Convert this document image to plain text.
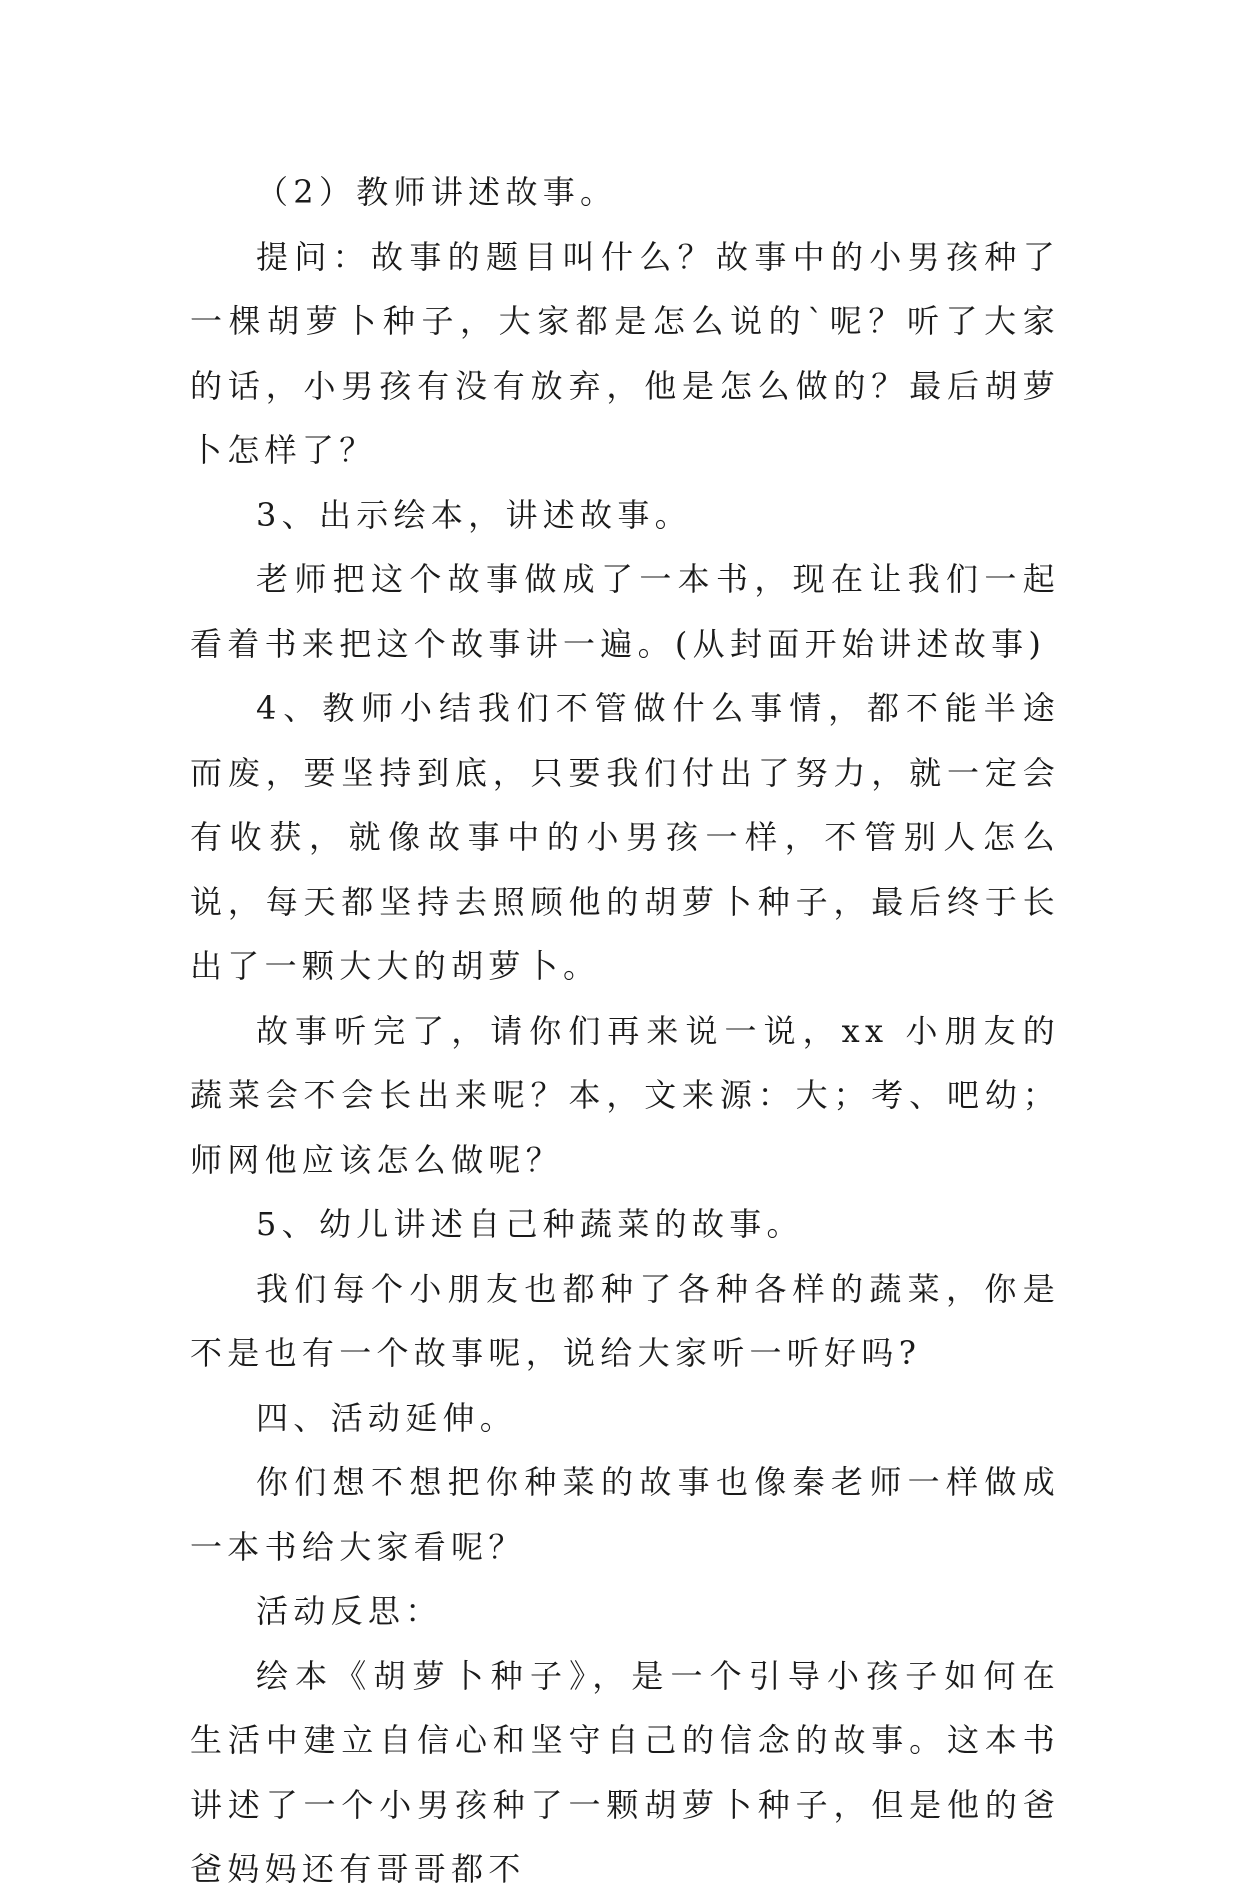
（2）教师讲述故事。

提问：故事的题目叫什么？故事中的小男孩种了一棵胡萝卜种子，大家都是怎么说的`呢？听了大家的话，小男孩有没有放弃，他是怎么做的？最后胡萝卜怎样了？

3、出示绘本，讲述故事。

老师把这个故事做成了一本书，现在让我们一起看着书来把这个故事讲一遍。(从封面开始讲述故事)

4、教师小结我们不管做什么事情，都不能半途而废，要坚持到底，只要我们付出了努力，就一定会有收获，就像故事中的小男孩一样，不管别人怎么说，每天都坚持去照顾他的胡萝卜种子，最后终于长出了一颗大大的胡萝卜。

故事听完了，请你们再来说一说，xx 小朋友的蔬菜会不会长出来呢？本，文来源：大；考、吧幼；师网他应该怎么做呢？

5、幼儿讲述自己种蔬菜的故事。

我们每个小朋友也都种了各种各样的蔬菜，你是不是也有一个故事呢，说给大家听一听好吗?

四、活动延伸。

你们想不想把你种菜的故事也像秦老师一样做成一本书给大家看呢？

活动反思：

绘本《胡萝卜种子》，是一个引导小孩子如何在生活中建立自信心和坚守自己的信念的故事。这本书讲述了一个小男孩种了一颗胡萝卜种子，但是他的爸爸妈妈还有哥哥都不
